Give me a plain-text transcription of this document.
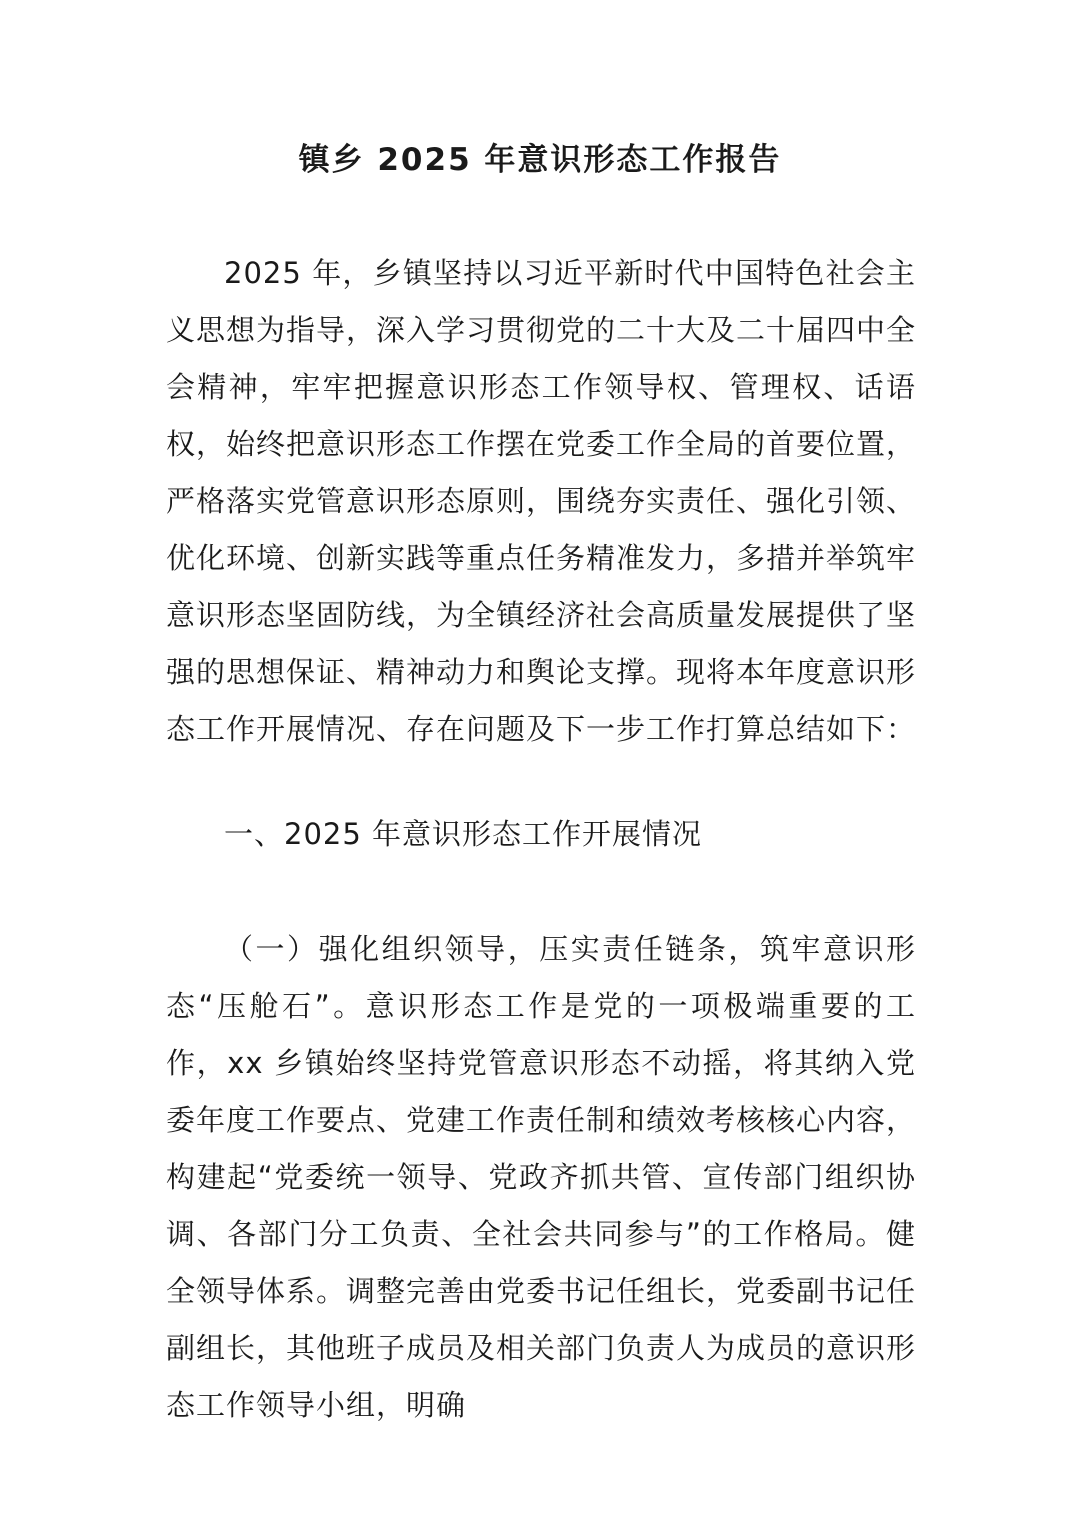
镇乡 2025 年意识形态工作报告

2025 年，乡镇坚持以习近平新时代中国特色社会主义思想为指导，深入学习贯彻党的二十大及二十届四中全会精神，牢牢把握意识形态工作领导权、管理权、话语权，始终把意识形态工作摆在党委工作全局的首要位置，严格落实党管意识形态原则，围绕夯实责任、强化引领、优化环境、创新实践等重点任务精准发力，多措并举筑牢意识形态坚固防线，为全镇经济社会高质量发展提供了坚强的思想保证、精神动力和舆论支撑。现将本年度意识形态工作开展情况、存在问题及下一步工作打算总结如下：

一、2025 年意识形态工作开展情况

（一）强化组织领导，压实责任链条，筑牢意识形态“压舱石”。意识形态工作是党的一项极端重要的工作，xx 乡镇始终坚持党管意识形态不动摇，将其纳入党委年度工作要点、党建工作责任制和绩效考核核心内容，构建起“党委统一领导、党政齐抓共管、宣传部门组织协调、各部门分工负责、全社会共同参与”的工作格局。健全领导体系。调整完善由党委书记任组长，党委副书记任副组长，其他班子成员及相关部门负责人为成员的意识形态工作领导小组，明确
